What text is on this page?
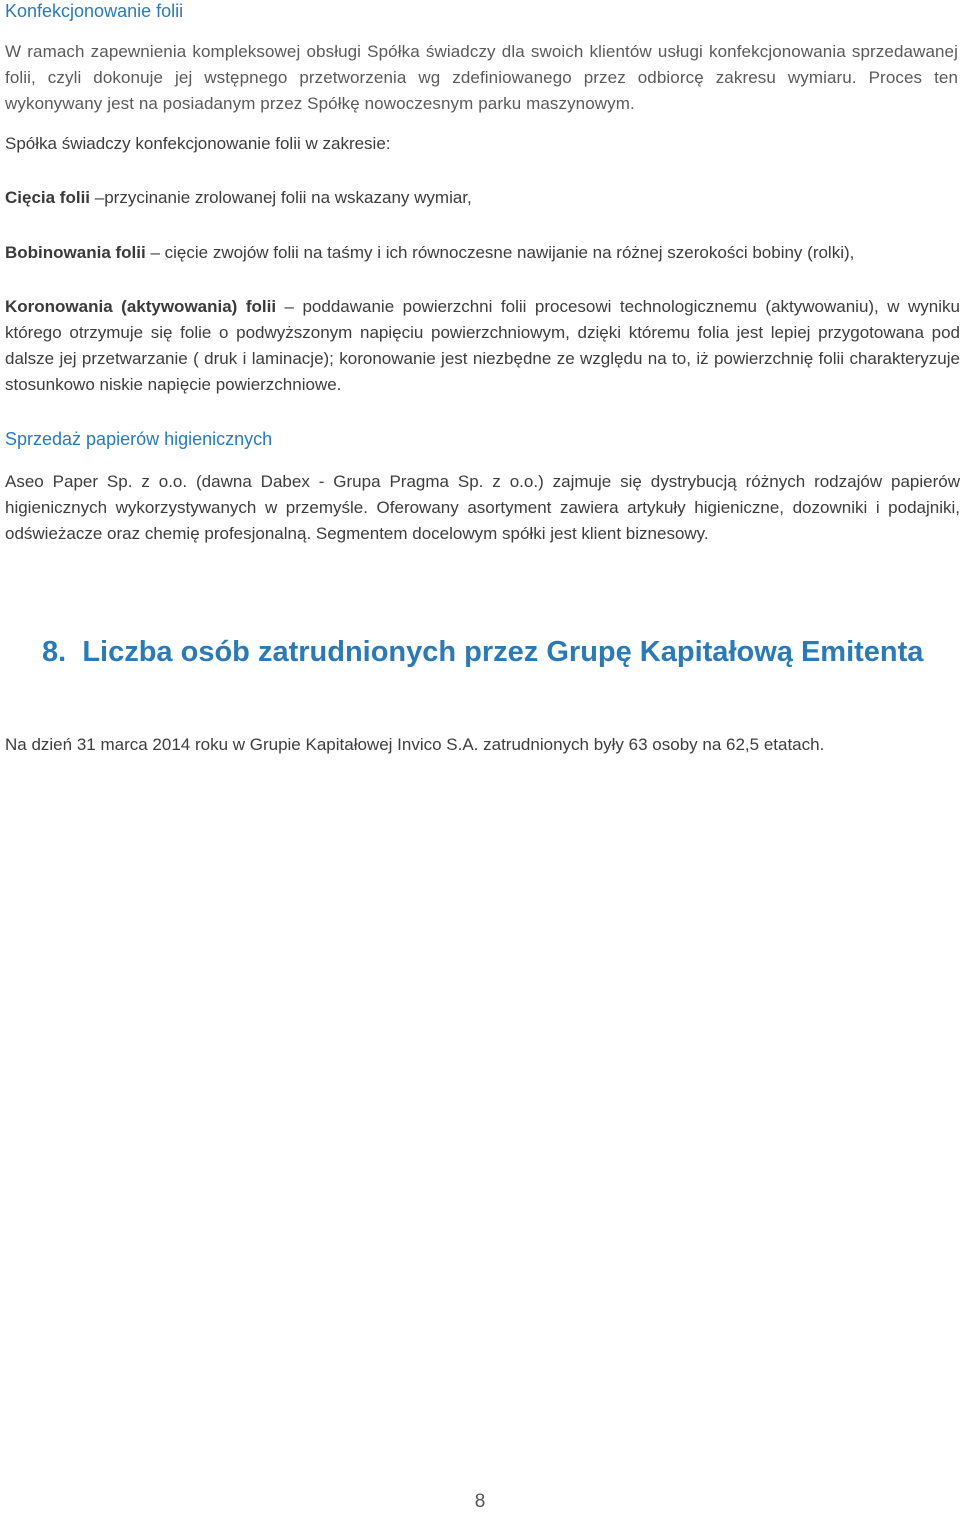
Konfekcjonowanie folii

W ramach zapewnienia kompleksowej obsługi Spółka świadczy dla swoich klientów usługi konfekcjonowania sprzedawanej folii, czyli dokonuje jej wstępnego przetworzenia wg zdefiniowanego przez odbiorcę zakresu wymiaru. Proces ten wykonywany jest na posiadanym przez Spółkę nowoczesnym parku maszynowym.

Spółka świadczy konfekcjonowanie folii w zakresie:

Cięcia folii –przycinanie zrolowanej folii na wskazany wymiar,

Bobinowania folii – cięcie zwojów folii na taśmy i ich równoczesne nawijanie na różnej szerokości bobiny (rolki),

Koronowania (aktywowania) folii – poddawanie powierzchni folii procesowi technologicznemu (aktywowaniu), w wyniku którego otrzymuje się folie o podwyższonym napięciu powierzchniowym, dzięki któremu folia jest lepiej przygotowana pod dalsze jej przetwarzanie ( druk i laminacje); koronowanie jest niezbędne ze względu na to, iż powierzchnię folii charakteryzuje stosunkowo niskie napięcie powierzchniowe.

Sprzedaż papierów higienicznych

Aseo Paper Sp. z o.o. (dawna Dabex - Grupa Pragma Sp. z o.o.) zajmuje się dystrybucją różnych rodzajów papierów higienicznych wykorzystywanych w przemyśle. Oferowany asortyment zawiera artykuły higieniczne, dozowniki i podajniki, odświeżacze oraz chemię profesjonalną. Segmentem docelowym spółki jest klient biznesowy.

8. Liczba osób zatrudnionych przez Grupę Kapitałową Emitenta

Na dzień 31 marca 2014 roku w Grupie Kapitałowej Invico S.A. zatrudnionych były 63 osoby na 62,5 etatach.

8
